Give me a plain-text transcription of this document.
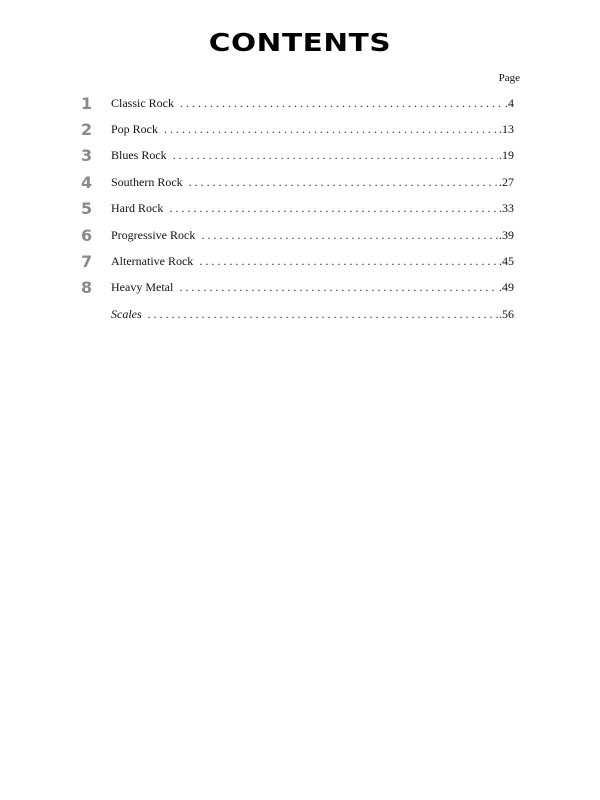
CONTENTS
Page
1	Classic Rock . . .	.4
2	Pop Rock . . .	.13
3	Blues Rock . . .	.19
4	Southern Rock . . .	.27
5	Hard Rock . . .	.33
6	Progressive Rock . . .	.39
7	Alternative Rock . . .	.45
8	Heavy Metal . . .	.49
Scales . . .	.56
